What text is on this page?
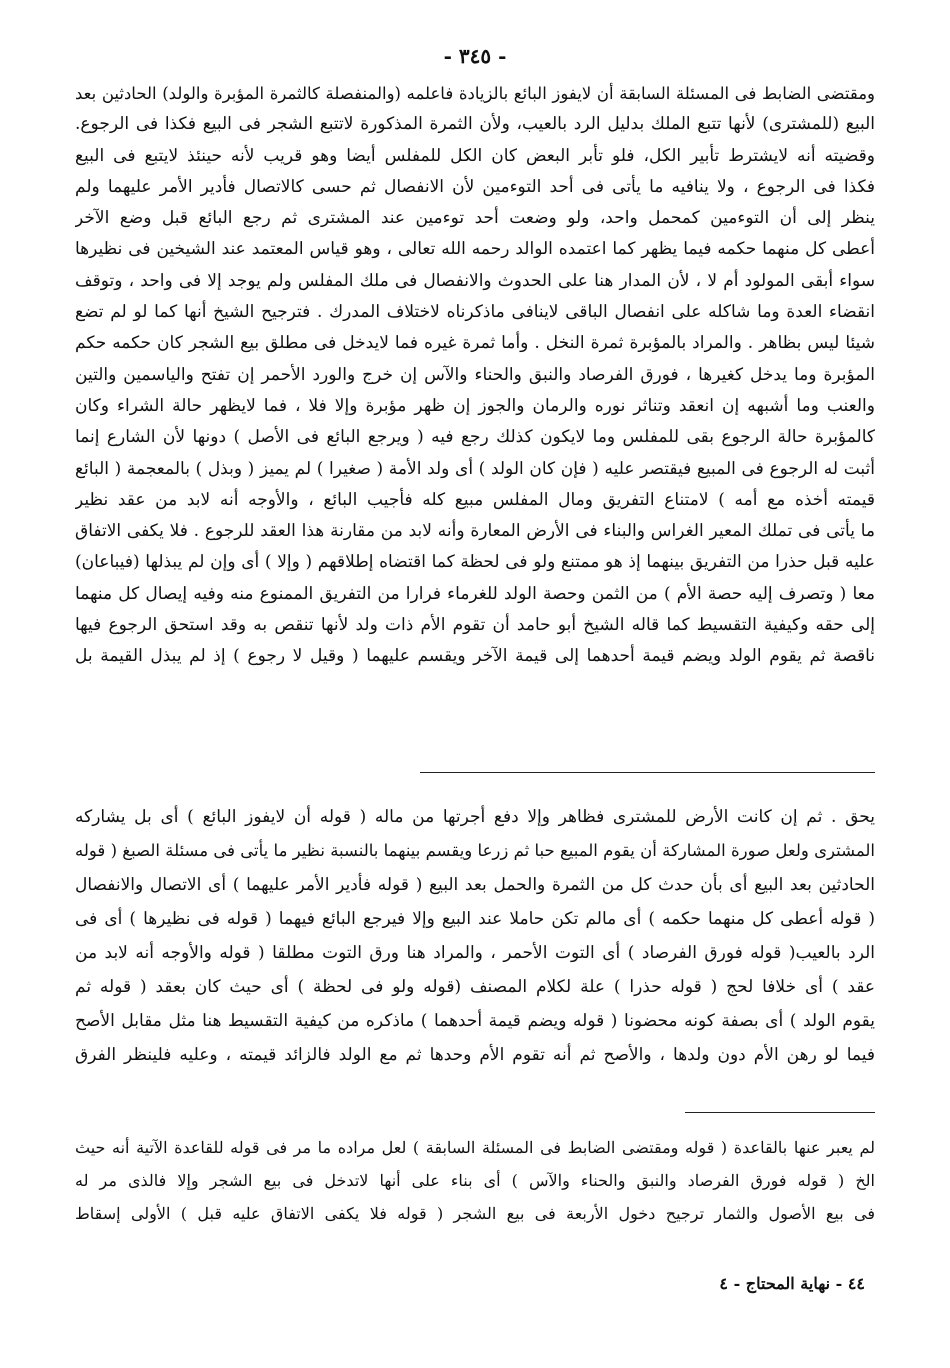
- ٣٤٥ -
ومقتضى الضابط فى المسئلة السابقة أن لايفوز البائع بالزيادة فاعلمه (والمنفصلة كالثمرة المؤبرة والولد) الحادثين بعد
البيع (للمشترى) لأنها تتبع الملك بدليل الرد بالعيب، ولأن الثمرة المذكورة لاتتبع الشجر فى البيع فكذا فى الرجوع.
وقضيته أنه لايشترط تأبير الكل، فلو تأبر البعض كان الكل للمفلس أيضا وهو قريب لأنه حينئذ لايتبع فى البيع
فكذا فى الرجوع ، ولا ينافيه ما يأتى فى أحد التوءمين لأن الانفصال ثم حسى كالاتصال فأدير الأمر عليهما ولم
ينظر إلى أن التوءمين كمحمل واحد، ولو وضعت أحد توءمين عند المشترى ثم رجع البائع قبل وضع الآخر
أعطى كل منهما حكمه فيما يظهر كما اعتمده الوالد رحمه الله تعالى ، وهو قياس المعتمد عند الشيخين فى نظيرها
سواء أبقى المولود أم لا ، لأن المدار هنا على الحدوث والانفصال فى ملك المفلس ولم يوجد إلا فى واحد ، وتوقف
انقضاء العدة وما شاكله على انفصال الباقى لاينافى ماذكرناه لاختلاف المدرك . فترجيح الشيخ أنها كما لو لم تضع
شيئا ليس بظاهر . والمراد بالمؤبرة ثمرة النخل . وأما ثمرة غيره فما لايدخل فى مطلق بيع الشجر كان حكمه حكم
المؤبرة وما يدخل كغيرها ، فورق الفرصاد والنبق والحناء والآس إن خرج والورد الأحمر إن تفتح والياسمين والتين
والعنب وما أشبهه إن انعقد وتناثر نوره والرمان والجوز إن ظهر مؤبرة وإلا فلا ، فما لايظهر حالة الشراء وكان
كالمؤبرة حالة الرجوع بقى للمفلس وما لايكون كذلك رجع فيه ( ويرجع البائع فى الأصل ) دونها لأن الشارع إنما
أثبت له الرجوع فى المبيع فيقتصر عليه ( فإن كان الولد ) أى ولد الأمة ( صغيرا ) لم يميز ( وبذل ) بالمعجمة ( البائع
قيمته أخذه مع أمه ) لامتناع التفريق ومال المفلس مبيع كله فأجيب البائع ، والأوجه أنه لابد من عقد نظير
ما يأتى فى تملك المعير الغراس والبناء فى الأرض المعارة وأنه لابد من مقارنة هذا العقد للرجوع . فلا يكفى الاتفاق
عليه قبل حذرا من التفريق بينهما إذ هو ممتنع ولو فى لحظة كما اقتضاه إطلاقهم ( وإلا ) أى وإن لم يبذلها (فيباعان)
معا ( وتصرف إليه حصة الأم ) من الثمن وحصة الولد للغرماء فرارا من التفريق الممنوع منه وفيه إيصال كل منهما
إلى حقه وكيفية التقسيط كما قاله الشيخ أبو حامد أن تقوم الأم ذات ولد لأنها تنقص به وقد استحق الرجوع فيها
ناقصة ثم يقوم الولد ويضم قيمة أحدهما إلى قيمة الآخر ويقسم عليهما ( وقيل لا رجوع ) إذ لم يبذل القيمة بل
يحق . ثم إن كانت الأرض للمشترى فظاهر وإلا دفع أجرتها من ماله ( قوله أن لايفوز البائع ) أى بل يشاركه
المشترى ولعل صورة المشاركة أن يقوم المبيع حبا ثم زرعا ويقسم بينهما بالنسبة نظير ما يأتى فى مسئلة الصبغ ( قوله
الحادثين بعد البيع أى بأن حدث كل من الثمرة والحمل بعد البيع ( قوله فأدير الأمر عليهما ) أى الاتصال والانفصال
( قوله أعطى كل منهما حكمه ) أى مالم تكن حاملا عند البيع وإلا فيرجع البائع فيهما ( قوله فى نظيرها ) أى فى
الرد بالعيب( قوله فورق الفرصاد ) أى التوت الأحمر ، والمراد هنا ورق التوت مطلقا ( قوله والأوجه أنه لابد من
عقد ) أى خلافا لحج ( قوله حذرا ) علة لكلام المصنف (قوله ولو فى لحظة ) أى حيث كان بعقد ( قوله ثم
يقوم الولد ) أى بصفة كونه محضونا ( قوله ويضم قيمة أحدهما ) ماذكره من كيفية التقسيط هنا مثل مقابل الأصح
فيما لو رهن الأم دون ولدها ، والأصح ثم أنه تقوم الأم وحدها ثم مع الولد فالزائد قيمته ، وعليه فلينظر الفرق
لم يعبر عنها بالقاعدة ( قوله ومقتضى الضابط فى المسئلة السابقة ) لعل مراده ما مر فى قوله للقاعدة الآتية أنه حيث
الخ ( قوله فورق الفرصاد والنبق والحناء والآس ) أى بناء على أنها لاتدخل فى بيع الشجر وإلا فالذى مر له
فى بيع الأصول والثمار ترجيح دخول الأربعة فى بيع الشجر ( قوله فلا يكفى الاتفاق عليه قبل ) الأولى إسقاط
٤٤ - نهاية المحتاج - ٤
